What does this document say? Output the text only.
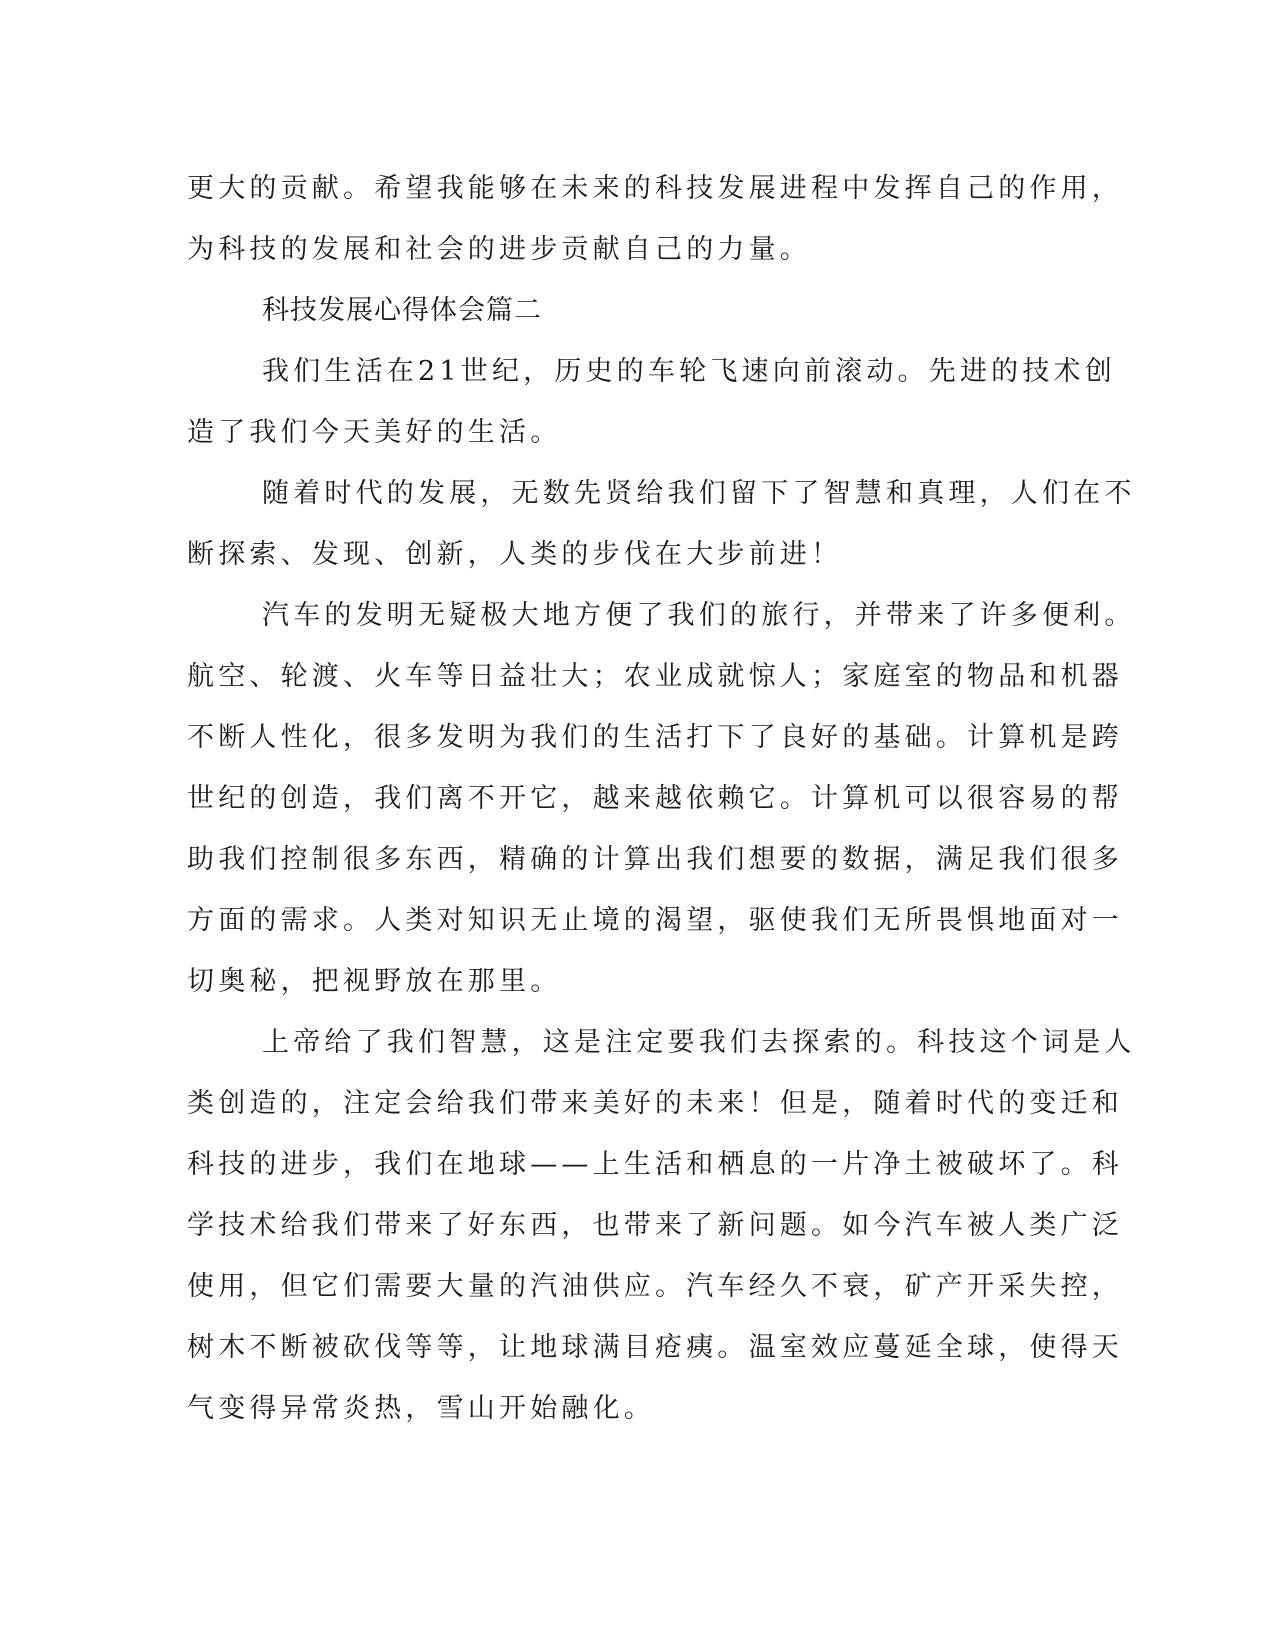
更大的贡献。希望我能够在未来的科技发展进程中发挥自己的作用，
为科技的发展和社会的进步贡献自己的力量。
科技发展心得体会篇二
我们生活在21世纪，历史的车轮飞速向前滚动。先进的技术创
造了我们今天美好的生活。
随着时代的发展，无数先贤给我们留下了智慧和真理，人们在不
断探索、发现、创新，人类的步伐在大步前进！
汽车的发明无疑极大地方便了我们的旅行，并带来了许多便利。
航空、轮渡、火车等日益壮大；农业成就惊人；家庭室的物品和机器
不断人性化，很多发明为我们的生活打下了良好的基础。计算机是跨
世纪的创造，我们离不开它，越来越依赖它。计算机可以很容易的帮
助我们控制很多东西，精确的计算出我们想要的数据，满足我们很多
方面的需求。人类对知识无止境的渴望，驱使我们无所畏惧地面对一
切奥秘，把视野放在那里。
上帝给了我们智慧，这是注定要我们去探索的。科技这个词是人
类创造的，注定会给我们带来美好的未来！但是，随着时代的变迁和
科技的进步，我们在地球——上生活和栖息的一片净土被破坏了。科
学技术给我们带来了好东西，也带来了新问题。如今汽车被人类广泛
使用，但它们需要大量的汽油供应。汽车经久不衰，矿产开采失控，
树木不断被砍伐等等，让地球满目疮痍。温室效应蔓延全球，使得天
气变得异常炎热，雪山开始融化。
